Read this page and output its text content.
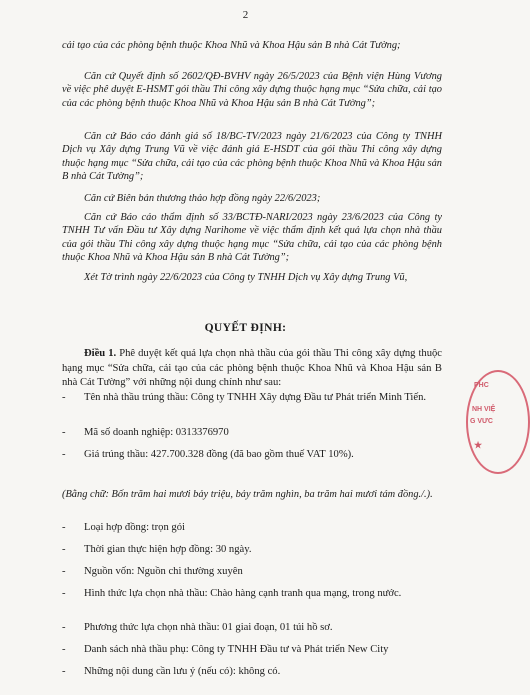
2
cải tạo của các phòng bệnh thuộc Khoa Nhũ và Khoa Hậu sản B nhà Cát Tường;
Căn cứ Quyết định số 2602/QĐ-BVHV ngày 26/5/2023 của Bệnh viện Hùng Vương về việc phê duyệt E-HSMT gói thầu Thi công xây dựng thuộc hạng mục “Sửa chữa, cải tạo của các phòng bệnh thuộc Khoa Nhũ và Khoa Hậu sản B nhà Cát Tường”;
Căn cứ Báo cáo đánh giá số 18/BC-TV/2023 ngày 21/6/2023 của Công ty TNHH Dịch vụ Xây dựng Trung Vũ về việc đánh giá E-HSDT của gói thầu Thi công xây dựng thuộc hạng mục “Sửa chữa, cải tạo của các phòng bệnh thuộc Khoa Nhũ và Khoa Hậu sản B nhà Cát Tường”;
Căn cứ Biên bản thương thảo hợp đồng ngày 22/6/2023;
Căn cứ Báo cáo thẩm định số 33/BCTĐ-NARI/2023 ngày 23/6/2023 của Công ty TNHH Tư vấn Đầu tư Xây dựng Narihome về việc thẩm định kết quả lựa chọn nhà thầu của gói thầu Thi công xây dựng thuộc hạng mục “Sửa chữa, cải tạo của các phòng bệnh thuộc Khoa Nhũ và Khoa Hậu sản B nhà Cát Tường”;
Xét Tờ trình ngày 22/6/2023 của Công ty TNHH Dịch vụ Xây dựng Trung Vũ,
QUYẾT ĐỊNH:
Điều 1. Phê duyệt kết quả lựa chọn nhà thầu của gói thầu Thi công xây dựng thuộc hạng mục “Sửa chữa, cải tạo của các phòng bệnh thuộc Khoa Nhũ và Khoa Hậu sản B nhà Cát Tường” với những nội dung chính như sau:
- Tên nhà thầu trúng thầu: Công ty TNHH Xây dựng Đầu tư Phát triển Minh Tiến.
- Mã số doanh nghiệp: 0313376970
- Giá trúng thầu: 427.700.328 đồng (đã bao gồm thuế VAT 10%).
(Bằng chữ: Bốn trăm hai mươi bảy triệu, bảy trăm nghìn, ba trăm hai mươi tám đồng./.).
- Loại hợp đồng: trọn gói
- Thời gian thực hiện hợp đồng: 30 ngày.
- Nguồn vốn: Nguồn chi thường xuyên
- Hình thức lựa chọn nhà thầu: Chào hàng cạnh tranh qua mạng, trong nước.
- Phương thức lựa chọn nhà thầu: 01 giai đoạn, 01 túi hồ sơ.
- Danh sách nhà thầu phụ: Công ty TNHH Đầu tư và Phát triển New City
- Những nội dung cần lưu ý (nếu có): không có.
PHC
NH VIỆ
G VƯC
★
